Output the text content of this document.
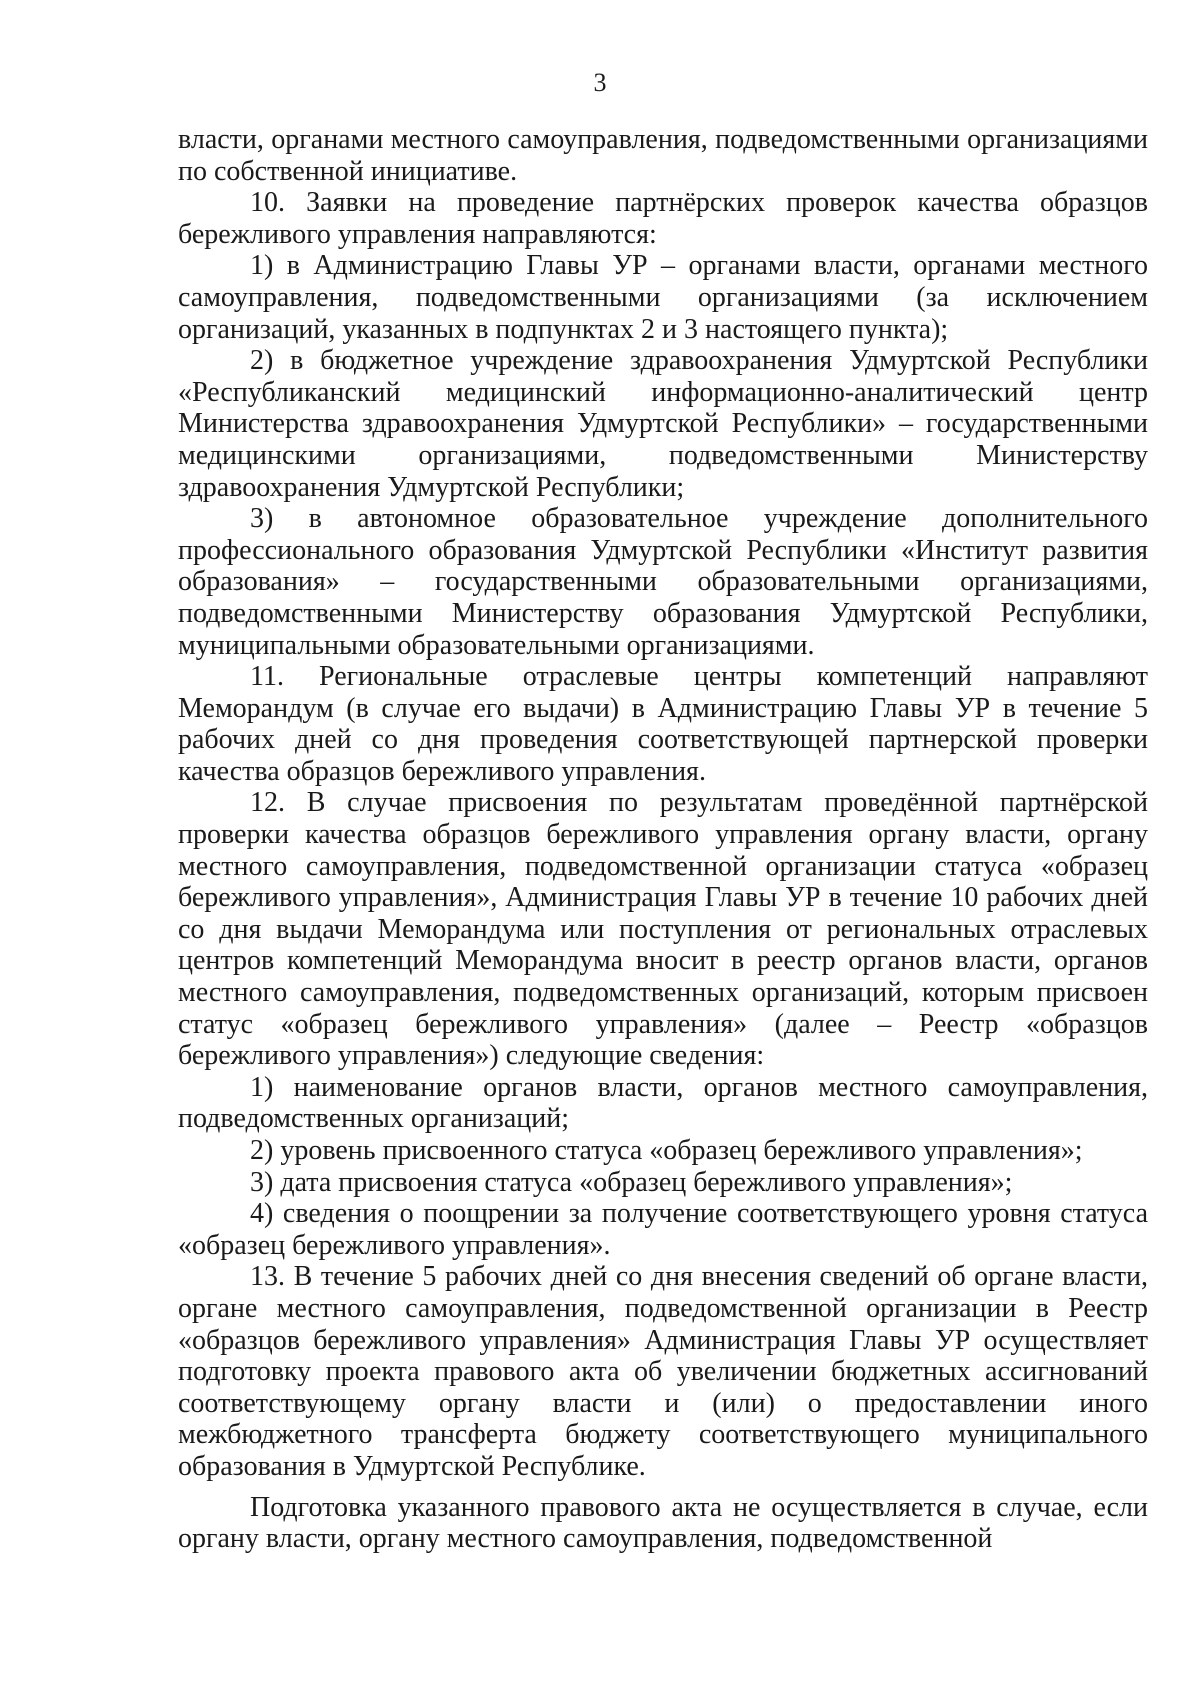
3

власти, органами местного самоуправления, подведомственными организациями по собственной инициативе.

10. Заявки на проведение партнёрских проверок качества образцов бережливого управления направляются:

1) в Администрацию Главы УР – органами власти, органами местного самоуправления, подведомственными организациями (за исключением организаций, указанных в подпунктах 2 и 3 настоящего пункта);

2) в бюджетное учреждение здравоохранения Удмуртской Республики «Республиканский медицинский информационно-аналитический центр Министерства здравоохранения Удмуртской Республики» – государственными медицинскими организациями, подведомственными Министерству здравоохранения Удмуртской Республики;

3) в автономное образовательное учреждение дополнительного профессионального образования Удмуртской Республики «Институт развития образования» – государственными образовательными организациями, подведомственными Министерству образования Удмуртской Республики, муниципальными образовательными организациями.

11. Региональные отраслевые центры компетенций направляют Меморандум (в случае его выдачи) в Администрацию Главы УР в течение 5 рабочих дней со дня проведения соответствующей партнерской проверки качества образцов бережливого управления.

12. В случае присвоения по результатам проведённой партнёрской проверки качества образцов бережливого управления органу власти, органу местного самоуправления, подведомственной организации статуса «образец бережливого управления», Администрация Главы УР в течение 10 рабочих дней со дня выдачи Меморандума или поступления от региональных отраслевых центров компетенций Меморандума вносит в реестр органов власти, органов местного самоуправления, подведомственных организаций, которым присвоен статус «образец бережливого управления» (далее – Реестр «образцов бережливого управления») следующие сведения:

1) наименование органов власти, органов местного самоуправления, подведомственных организаций;

2) уровень присвоенного статуса «образец бережливого управления»;

3) дата присвоения статуса «образец бережливого управления»;

4) сведения о поощрении за получение соответствующего уровня статуса «образец бережливого управления».

13. В течение 5 рабочих дней со дня внесения сведений об органе власти, органе местного самоуправления, подведомственной организации в Реестр «образцов бережливого управления» Администрация Главы УР осуществляет подготовку проекта правового акта об увеличении бюджетных ассигнований соответствующему органу власти и (или) о предоставлении иного межбюджетного трансферта бюджету соответствующего муниципального образования в Удмуртской Республике.

Подготовка указанного правового акта не осуществляется в случае, если органу власти, органу местного самоуправления, подведомственной
